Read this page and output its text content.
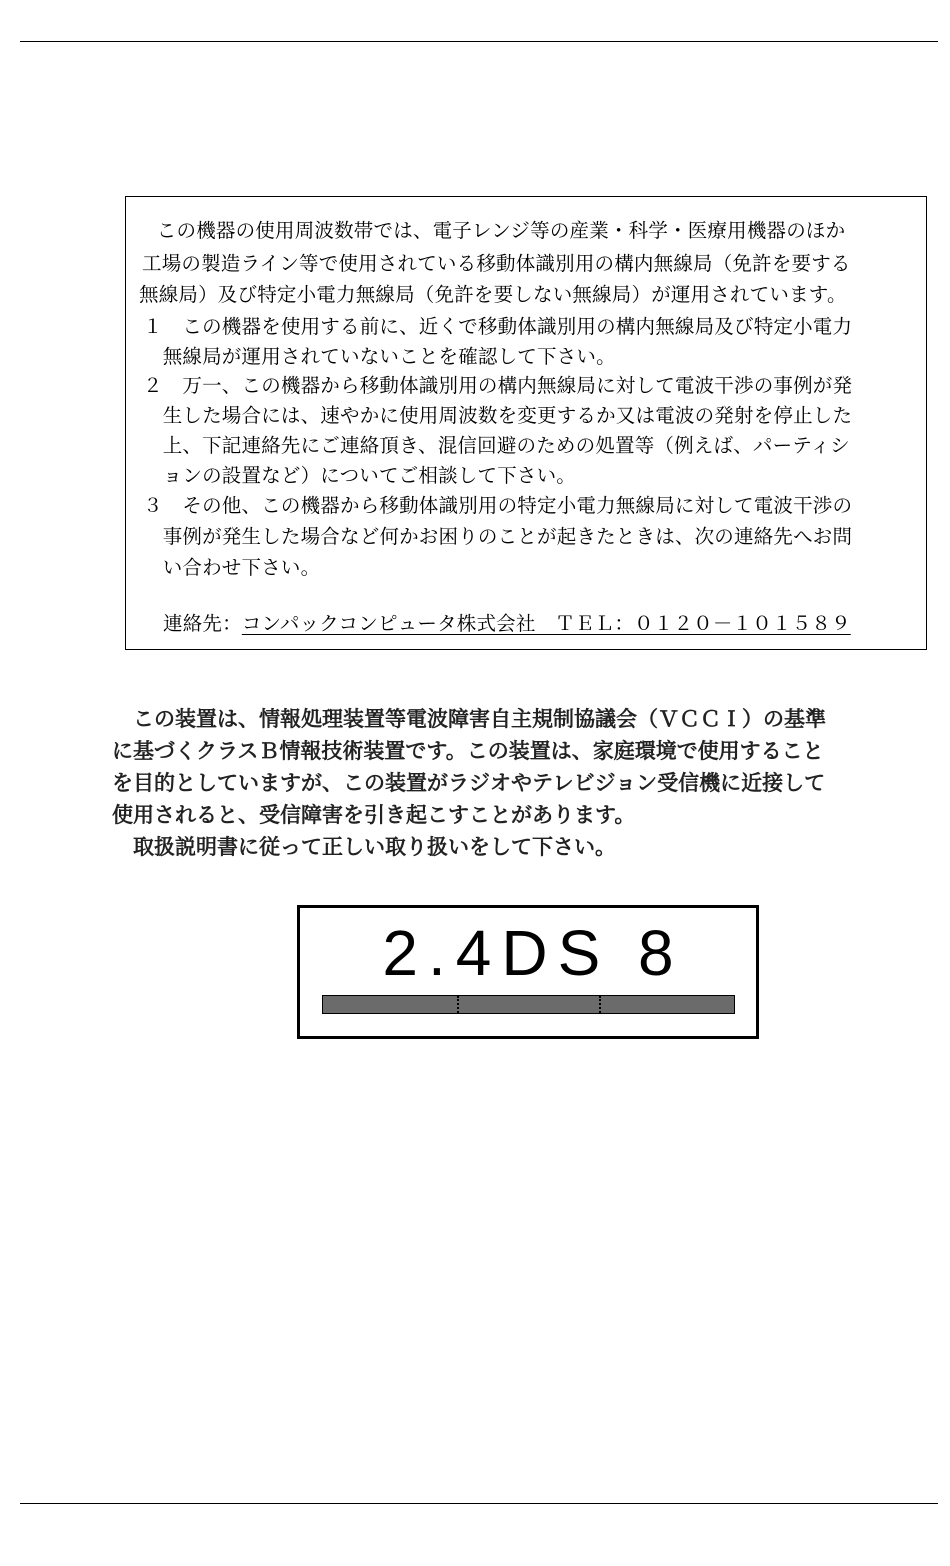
この機器の使用周波数帯では、電子レンジ等の産業・科学・医療用機器のほか
工場の製造ライン等で使用されている移動体識別用の構内無線局（免許を要する
無線局）及び特定小電力無線局（免許を要しない無線局）が運用されています。
１　この機器を使用する前に、近くで移動体識別用の構内無線局及び特定小電力
　無線局が運用されていないことを確認して下さい。
２　万一、この機器から移動体識別用の構内無線局に対して電波干渉の事例が発
　生した場合には、速やかに使用周波数を変更するか又は電波の発射を停止した
　上、下記連絡先にご連絡頂き、混信回避のための処置等（例えば、パーティシ
　ョンの設置など）についてご相談して下さい。
３　その他、この機器から移動体識別用の特定小電力無線局に対して電波干渉の
　事例が発生した場合など何かお困りのことが起きたときは、次の連絡先へお問
　い合わせ下さい。
連絡先：コンパックコンピュータ株式会社　ＴＥＬ：０１２０－１０１５８９
　この装置は、情報処理装置等電波障害自主規制協議会（ＶＣＣＩ）の基準
に基づくクラスＢ情報技術装置です。この装置は、家庭環境で使用すること
を目的としていますが、この装置がラジオやテレビジョン受信機に近接して
使用されると、受信障害を引き起こすことがあります。
　取扱説明書に従って正しい取り扱いをして下さい。
2.4DS 8
